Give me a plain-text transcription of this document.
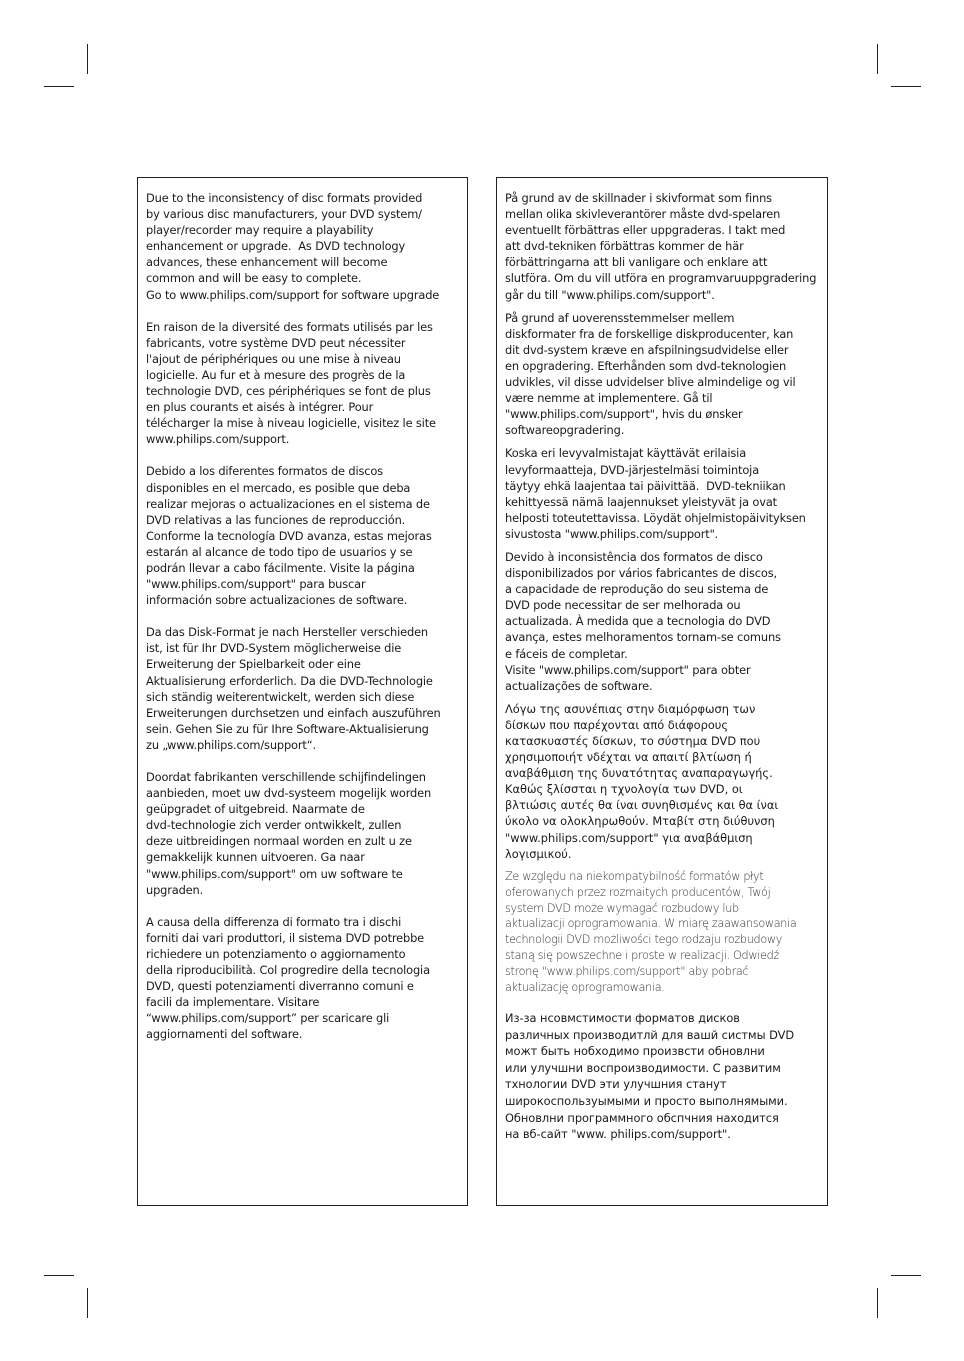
Due to the inconsistency of disc formats provided
by various disc manufacturers, your DVD system/
player/recorder may require a playability
enhancement or upgrade.  As DVD technology
advances, these enhancement will become
common and will be easy to complete.
Go to www.philips.com/support for software upgrade

En raison de la diversité des formats utilisés par les
fabricants, votre système DVD peut nécessiter
l'ajout de périphériques ou une mise à niveau
logicielle. Au fur et à mesure des progrès de la
technologie DVD, ces périphériques se font de plus
en plus courants et aisés à intégrer. Pour
télécharger la mise à niveau logicielle, visitez le site
www.philips.com/support.

Debido a los diferentes formatos de discos
disponibles en el mercado, es posible que deba
realizar mejoras o actualizaciones en el sistema de
DVD relativas a las funciones de reproducción.
Conforme la tecnología DVD avanza, estas mejoras
estarán al alcance de todo tipo de usuarios y se
podrán llevar a cabo fácilmente. Visite la página
"www.philips.com/support" para buscar
información sobre actualizaciones de software.

Da das Disk-Format je nach Hersteller verschieden
ist, ist für Ihr DVD-System möglicherweise die
Erweiterung der Spielbarkeit oder eine
Aktualisierung erforderlich. Da die DVD-Technologie
sich ständig weiterentwickelt, werden sich diese
Erweiterungen durchsetzen und einfach auszuführen
sein. Gehen Sie zu für Ihre Software-Aktualisierung
zu „www.philips.com/support“.

Doordat fabrikanten verschillende schijfindelingen
aanbieden, moet uw dvd-systeem mogelijk worden
geüpgradet of uitgebreid. Naarmate de
dvd-technologie zich verder ontwikkelt, zullen
deze uitbreidingen normaal worden en zult u ze
gemakkelijk kunnen uitvoeren. Ga naar
"www.philips.com/support" om uw software te
upgraden.

A causa della differenza di formato tra i dischi
forniti dai vari produttori, il sistema DVD potrebbe
richiedere un potenziamento o aggiornamento
della riproducibilità. Col progredire della tecnologia
DVD, questi potenziamenti diverranno comuni e
facili da implementare. Visitare
“www.philips.com/support” per scaricare gli
aggiornamenti del software.

På grund av de skillnader i skivformat som finns
mellan olika skivleverantörer måste dvd-spelaren
eventuellt förbättras eller uppgraderas. I takt med
att dvd-tekniken förbättras kommer de här
förbättringarna att bli vanligare och enklare att
slutföra. Om du vill utföra en programvaruuppgradering
går du till "www.philips.com/support".

På grund af uoverensstemmelser mellem
diskformater fra de forskellige diskproducenter, kan
dit dvd-system kræve en afspilningsudvidelse eller
en opgradering. Efterhånden som dvd-teknologien
udvikles, vil disse udvidelser blive almindelige og vil
være nemme at implementere. Gå til
"www.philips.com/support", hvis du ønsker
softwareopgradering.

Koska eri levyvalmistajat käyttävät erilaisia
levyformaatteja, DVD-järjestelmäsi toimintoja
täytyy ehkä laajentaa tai päivittää.  DVD-tekniikan
kehittyessä nämä laajennukset yleistyvät ja ovat
helposti toteutettavissa. Löydät ohjelmistopäivityksen
sivustosta "www.philips.com/support".

Devido à inconsistência dos formatos de disco
disponibilizados por vários fabricantes de discos,
a capacidade de reprodução do seu sistema de
DVD pode necessitar de ser melhorada ou
actualizada. À medida que a tecnologia do DVD
avança, estes melhoramentos tornam-se comuns
e fáceis de completar.
Visite "www.philips.com/support" para obter
actualizações de software.

Λόγω της ασυνέπιας στην διαμόρφωση των
δίσκων που παρέχονται από διάφορους
κατασκυαστές δίσκων, το σύστημα DVD που
χρησιμοποιήτ νδέχται να απαιτί βλτίωση ή
αναβάθμιση της δυνατότητας αναπαραγωγής.
Καθώς ξλίσσται η τχνολογία των DVD, οι
βλτιώσις αυτές θα ίναι συνηθισμένς και θα ίναι
ύκολο να ολοκληρωθούν. Μταβίτ στη διύθυνση
"www.philips.com/support" για αναβάθμιση
λογισμικού.

Ze względu na niekompatybilność formatów płyt
oferowanych przez rozmaitych producentów, Twój
system DVD może wymagać rozbudowy lub
aktualizacji oprogramowania. W miarę zaawansowania
technologii DVD możliwości tego rodzaju rozbudowy
staną się powszechne i proste w realizacji. Odwiedź
stronę "www.philips.com/support" aby pobrać
aktualizację oprogramowania.

Из-за нсовмстимости форматов дисков
различных производитлй для вашй систмы DVD
можт быть нобходимо произвсти обновлни
или улучшни воспроизводимости. С развитим
тхнологии DVD эти улучшния станут
широкоспользуымыми и просто выполнямыми.
Обновлни программного обспчния находится
на вб-сайт "www. philips.com/support".
